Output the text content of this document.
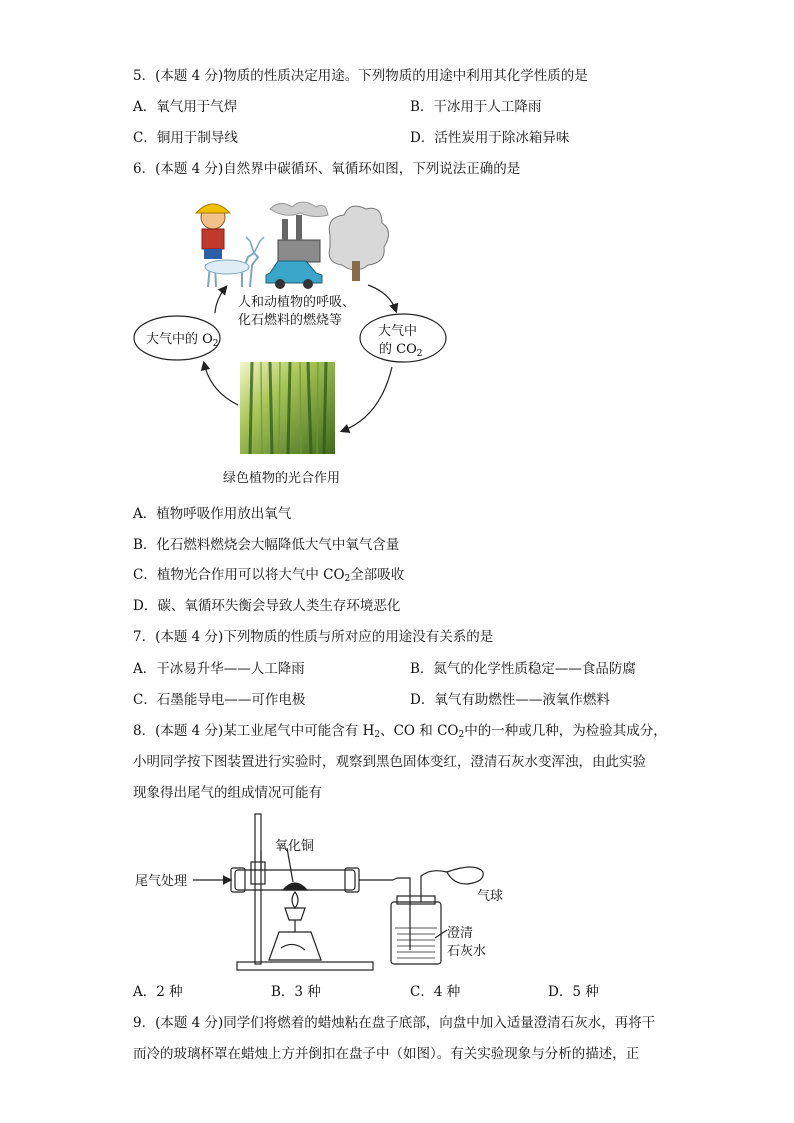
5．(本题 4 分)物质的性质决定用途。下列物质的用途中利用其化学性质的是
A．氧气用于气焊	B．干冰用于人工降雨
C．铜用于制导线	D．活性炭用于除冰箱异味
6．(本题 4 分)自然界中碳循环、氧循环如图，下列说法正确的是
人和动植物的呼吸、
化石燃料的燃烧等
大气中的 $O_2$
大气中
的 $CO_2$
绿色植物的光合作用
A．植物呼吸作用放出氧气
B．化石燃料燃烧会大幅降低大气中氧气含量
C．植物光合作用可以将大气中 $CO_2$全部吸收
D．碳、氧循环失衡会导致人类生存环境恶化
7．(本题 4 分)下列物质的性质与所对应的用途没有关系的是
A．干冰易升华——人工降雨	B．氮气的化学性质稳定——食品防腐
C．石墨能导电——可作电极	D．氧气有助燃性——液氧作燃料
8．(本题 4 分)某工业尾气中可能含有 $H_2$、CO 和 $CO_2$中的一种或几种，为检验其成分，
小明同学按下图装置进行实验时，观察到黑色固体变红，澄清石灰水变浑浊，由此实验
现象得出尾气的组成情况可能有
尾气处理
氧化铜
气球
澄清
石灰水
A．2 种	B．3 种	C．4 种	D．5 种
9．(本题 4 分)同学们将燃着的蜡烛粘在盘子底部，向盘中加入适量澄清石灰水，再将干
而冷的玻璃杯罩在蜡烛上方并倒扣在盘子中（如图）。有关实验现象与分析的描述，正
